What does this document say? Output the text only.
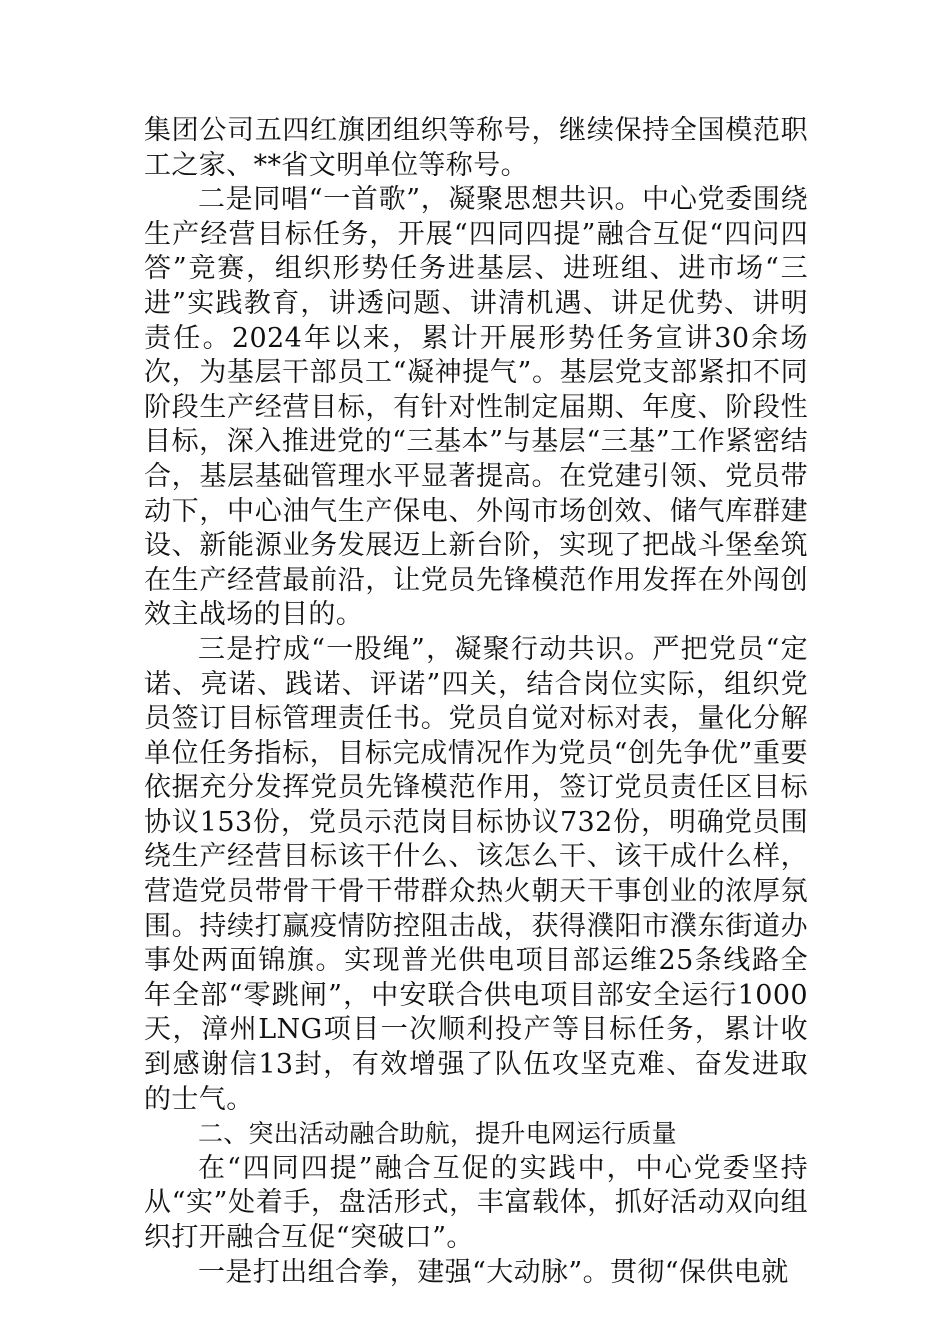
集团公司五四红旗团组织等称号，继续保持全国模范职工之家、**省文明单位等称号。

二是同唱“一首歌”，凝聚思想共识。中心党委围绕生产经营目标任务，开展“四同四提”融合互促“四问四答”竞赛，组织形势任务进基层、进班组、进市场“三进”实践教育，讲透问题、讲清机遇、讲足优势、讲明责任。2024年以来，累计开展形势任务宣讲30余场次，为基层干部员工“凝神提气”。基层党支部紧扣不同阶段生产经营目标，有针对性制定届期、年度、阶段性目标，深入推进党的“三基本”与基层“三基”工作紧密结合，基层基础管理水平显著提高。在党建引领、党员带动下，中心油气生产保电、外闯市场创效、储气库群建设、新能源业务发展迈上新台阶，实现了把战斗堡垒筑在生产经营最前沿，让党员先锋模范作用发挥在外闯创效主战场的目的。

三是拧成“一股绳”，凝聚行动共识。严把党员“定诺、亮诺、践诺、评诺”四关，结合岗位实际，组织党员签订目标管理责任书。党员自觉对标对表，量化分解单位任务指标，目标完成情况作为党员“创先争优”重要依据充分发挥党员先锋模范作用，签订党员责任区目标协议153份，党员示范岗目标协议732份，明确党员围绕生产经营目标该干什么、该怎么干、该干成什么样，营造党员带骨干骨干带群众热火朝天干事创业的浓厚氛围。持续打赢疫情防控阻击战，获得濮阳市濮东街道办事处两面锦旗。实现普光供电项目部运维25条线路全年全部“零跳闸”，中安联合供电项目部安全运行1000天，漳州LNG项目一次顺利投产等目标任务，累计收到感谢信13封，有效增强了队伍攻坚克难、奋发进取的士气。

二、突出活动融合助航，提升电网运行质量

在“四同四提”融合互促的实践中，中心党委坚持从“实”处着手，盘活形式，丰富载体，抓好活动双向组织打开融合互促“突破口”。

一是打出组合拳，建强“大动脉”。贯彻“保供电就
